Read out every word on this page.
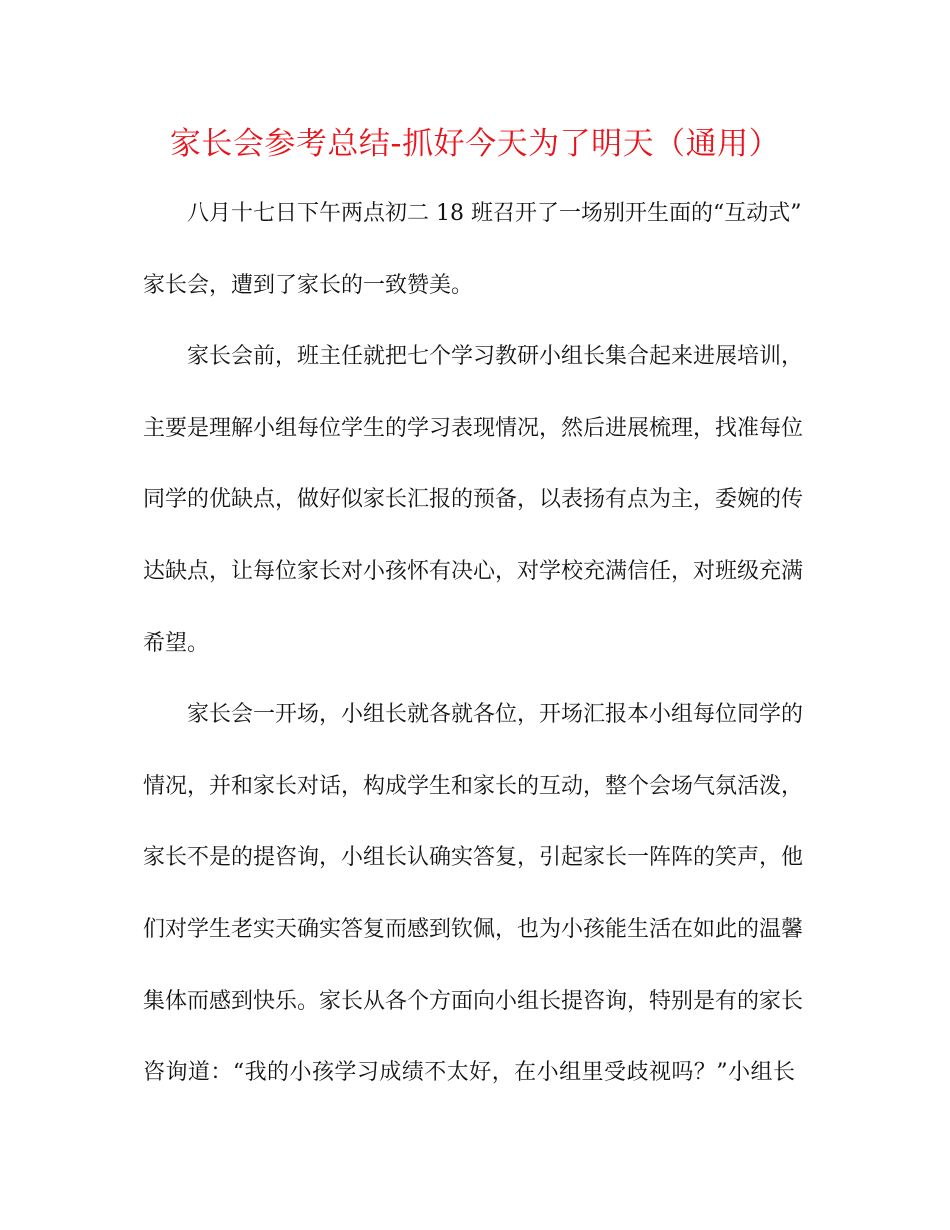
家长会参考总结-抓好今天为了明天（通用）

八月十七日下午两点初二 18 班召开了一场别开生面的“互动式”
家长会，遭到了家长的一致赞美。

家长会前，班主任就把七个学习教研小组长集合起来进展培训，
主要是理解小组每位学生的学习表现情况，然后进展梳理，找准每位
同学的优缺点，做好似家长汇报的预备，以表扬有点为主，委婉的传
达缺点，让每位家长对小孩怀有决心，对学校充满信任，对班级充满
希望。

家长会一开场，小组长就各就各位，开场汇报本小组每位同学的
情况，并和家长对话，构成学生和家长的互动，整个会场气氛活泼，
家长不是的提咨询，小组长认确实答复，引起家长一阵阵的笑声，他
们对学生老实天确实答复而感到钦佩，也为小孩能生活在如此的温馨
集体而感到快乐。家长从各个方面向小组长提咨询，特别是有的家长
咨询道：“我的小孩学习成绩不太好，在小组里受歧视吗？”小组长
